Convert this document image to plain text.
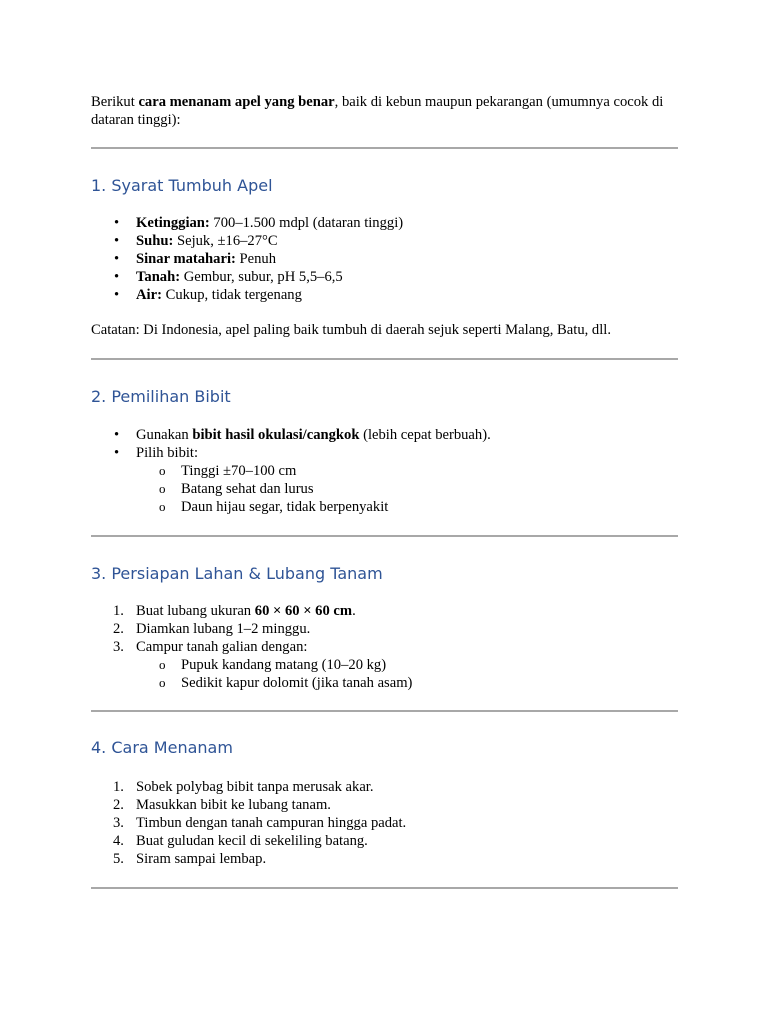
Berikut cara menanam apel yang benar, baik di kebun maupun pekarangan (umumnya cocok di dataran tinggi):

1. Syarat Tumbuh Apel
• Ketinggian: 700–1.500 mdpl (dataran tinggi)
• Suhu: Sejuk, ±16–27°C
• Sinar matahari: Penuh
• Tanah: Gembur, subur, pH 5,5–6,5
• Air: Cukup, tidak tergenang

Catatan: Di Indonesia, apel paling baik tumbuh di daerah sejuk seperti Malang, Batu, dll.

2. Pemilihan Bibit
• Gunakan bibit hasil okulasi/cangkok (lebih cepat berbuah).
• Pilih bibit:
o Tinggi ±70–100 cm
o Batang sehat dan lurus
o Daun hijau segar, tidak berpenyakit
3. Persiapan Lahan & Lubang Tanam
1. Buat lubang ukuran 60 × 60 × 60 cm.
2. Diamkan lubang 1–2 minggu.
3. Campur tanah galian dengan:
o Pupuk kandang matang (10–20 kg)
o Sedikit kapur dolomit (jika tanah asam)
4. Cara Menanam
1. Sobek polybag bibit tanpa merusak akar.
2. Masukkan bibit ke lubang tanam.
3. Timbun dengan tanah campuran hingga padat.
4. Buat guludan kecil di sekeliling batang.
5. Siram sampai lembap.
